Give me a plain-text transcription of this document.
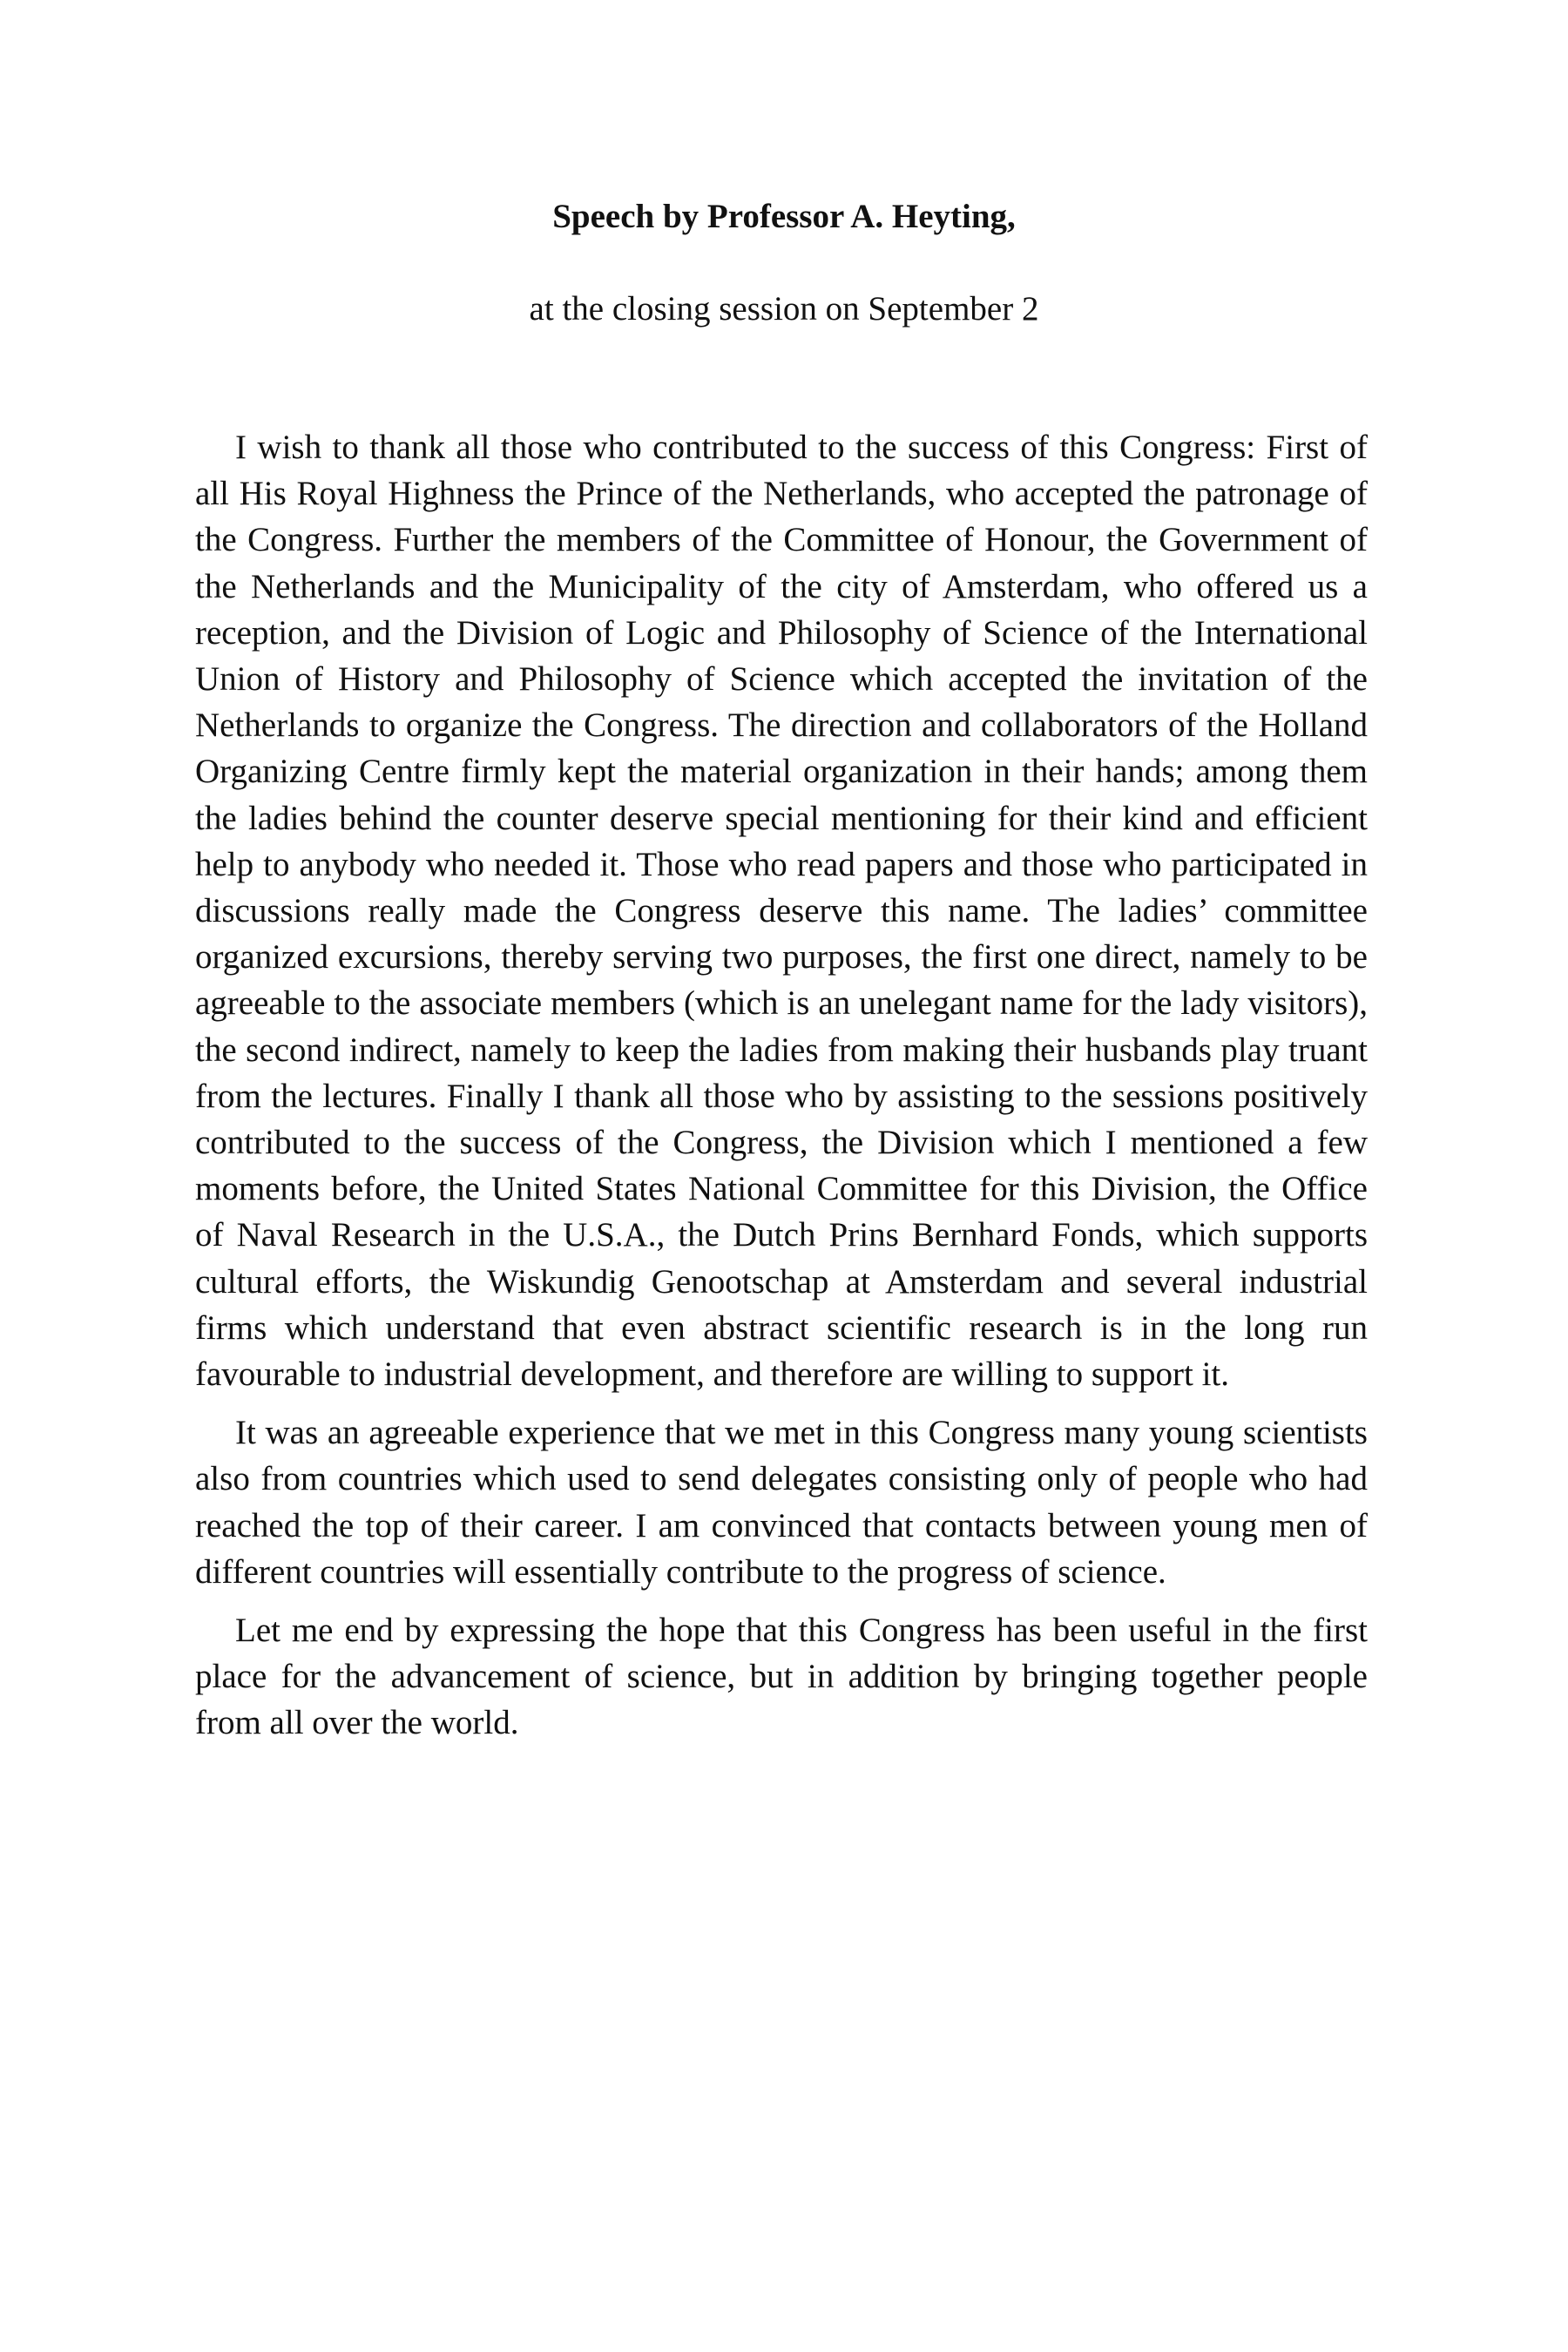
Speech by Professor A. Heyting,

at the closing session on September 2

I wish to thank all those who contributed to the success of this Congress: First of all His Royal Highness the Prince of the Netherlands, who accepted the patronage of the Congress. Further the members of the Committee of Honour, the Government of the Netherlands and the Municipality of the city of Amsterdam, who offered us a reception, and the Division of Logic and Philosophy of Science of the International Union of History and Philosophy of Science which accepted the invitation of the Netherlands to organize the Congress. The direction and collaborators of the Holland Organizing Centre firmly kept the material organization in their hands; among them the ladies behind the counter deserve special mentioning for their kind and efficient help to anybody who needed it. Those who read papers and those who participated in discussions really made the Congress deserve this name. The ladies’ committee organized excursions, thereby serving two purposes, the first one direct, namely to be agreeable to the associate members (which is an unelegant name for the lady visitors), the second indirect, namely to keep the ladies from making their husbands play truant from the lectures. Finally I thank all those who by assisting to the sessions positively contributed to the success of the Congress, the Division which I mentioned a few moments before, the United States National Committee for this Division, the Office of Naval Research in the U.S.A., the Dutch Prins Bernhard Fonds, which supports cultural efforts, the Wiskundig Genootschap at Amsterdam and several industrial firms which understand that even abstract scientific research is in the long run favourable to industrial development, and therefore are willing to support it.

It was an agreeable experience that we met in this Congress many young scientists also from countries which used to send delegates consisting only of people who had reached the top of their career. I am convinced that contacts between young men of different countries will essentially contribute to the progress of science.

Let me end by expressing the hope that this Congress has been useful in the first place for the advancement of science, but in addition by bringing together people from all over the world.
